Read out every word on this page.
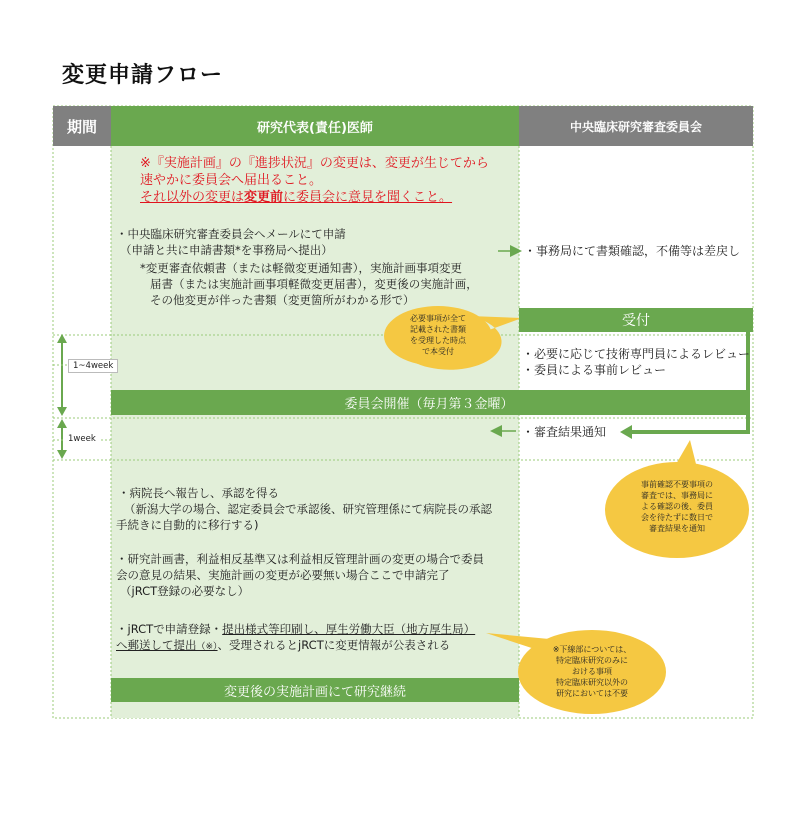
変更申請フロー
期間	研究代表(責任)医師	中央臨床研究審査委員会
※『実施計画』の『進捗状況』の変更は、変更が生じてから
速やかに委員会へ届出ること。
それ以外の変更は変更前に委員会に意見を聞くこと。
・中央臨床研究審査委員会へメールにて申請
（申請と共に申請書類*を事務局へ提出）
*変更審査依頼書（または軽微変更通知書），実施計画事項変更
届書（または実施計画事項軽微変更届書），変更後の実施計画，
その他変更が伴った書類（変更箇所がわかる形で）
・事務局にて書類確認，不備等は差戻し
必要事項が全て
記載された書類
を受理した時点
で本受付
受付
・必要に応じて技術専門員によるレビュー
・委員による事前レビュー
1~4week
1week
委員会開催（毎月第３金曜）
・審査結果通知
事前確認不要事項の
審査では、事務局に
よる確認の後、委員
会を待たずに数日で
審査結果を通知
・病院長へ報告し、承認を得る
（新潟大学の場合、認定委員会で承認後、研究管理係にて病院長の承認
手続きに自動的に移行する)
・研究計画書，利益相反基準又は利益相反管理計画の変更の場合で委員
会の意見の結果、実施計画の変更が必要無い場合ここで申請完了
（jRCT登録の必要なし）
・jRCTで申請登録・提出様式等印刷し、厚生労働大臣（地方厚生局）
へ郵送して提出（※）、受理されるとjRCTに変更情報が公表される
変更後の実施計画にて研究継続
※下線部については、
特定臨床研究のみに
おける事項
特定臨床研究以外の
研究においては不要
